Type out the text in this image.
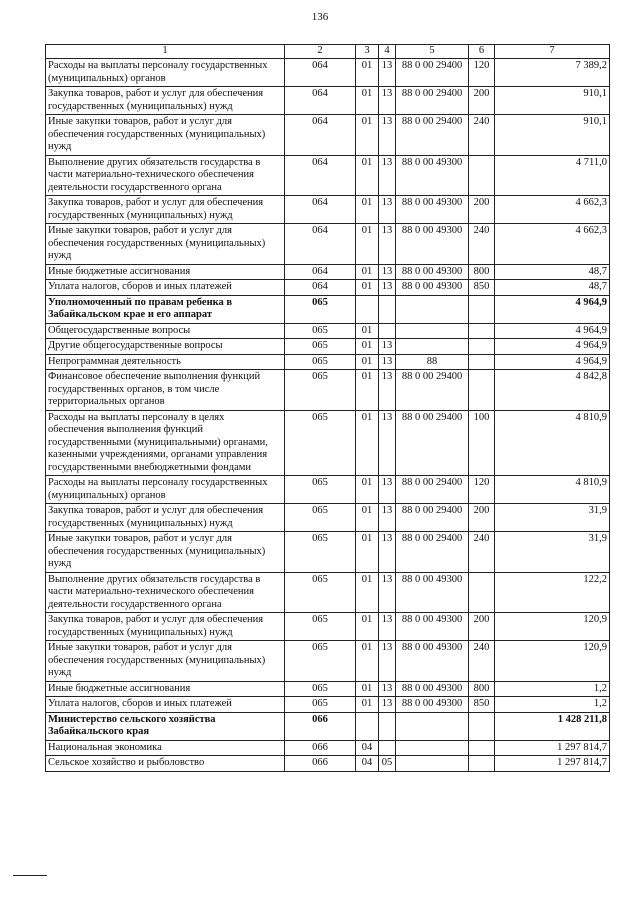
136
1	2	3	4	5	6	7
Расходы на выплаты персоналу государственных (муниципальных) органов	064	01	13	88 0 00 29400	120	7 389,2
Закупка товаров, работ и услуг для обеспечения государственных (муниципальных) нужд	064	01	13	88 0 00 29400	200	910,1
Иные закупки товаров, работ и услуг для обеспечения государственных (муниципальных) нужд	064	01	13	88 0 00 29400	240	910,1
Выполнение других обязательств государства в части материально-технического обеспечения деятельности государственного органа	064	01	13	88 0 00 49300		4 711,0
Закупка товаров, работ и услуг для обеспечения государственных (муниципальных) нужд	064	01	13	88 0 00 49300	200	4 662,3
Иные закупки товаров, работ и услуг для обеспечения государственных (муниципальных) нужд	064	01	13	88 0 00 49300	240	4 662,3
Иные бюджетные ассигнования	064	01	13	88 0 00 49300	800	48,7
Уплата налогов, сборов и иных платежей	064	01	13	88 0 00 49300	850	48,7
Уполномоченный по правам ребенка в Забайкальском крае и его аппарат	065					4 964,9
Общегосударственные вопросы	065	01				4 964,9
Другие общегосударственные вопросы	065	01	13			4 964,9
Непрограммная деятельность	065	01	13	88		4 964,9
Финансовое обеспечение выполнения функций государственных органов, в том числе территориальных органов	065	01	13	88 0 00 29400		4 842,8
Расходы на выплаты персоналу в целях обеспечения выполнения функций государственными (муниципальными) органами, казенными учреждениями, органами управления государственными внебюджетными фондами	065	01	13	88 0 00 29400	100	4 810,9
Расходы на выплаты персоналу государственных (муниципальных) органов	065	01	13	88 0 00 29400	120	4 810,9
Закупка товаров, работ и услуг для обеспечения государственных (муниципальных) нужд	065	01	13	88 0 00 29400	200	31,9
Иные закупки товаров, работ и услуг для обеспечения государственных (муниципальных) нужд	065	01	13	88 0 00 29400	240	31,9
Выполнение других обязательств государства в части материально-технического обеспечения деятельности государственного органа	065	01	13	88 0 00 49300		122,2
Закупка товаров, работ и услуг для обеспечения государственных (муниципальных) нужд	065	01	13	88 0 00 49300	200	120,9
Иные закупки товаров, работ и услуг для обеспечения государственных (муниципальных) нужд	065	01	13	88 0 00 49300	240	120,9
Иные бюджетные ассигнования	065	01	13	88 0 00 49300	800	1,2
Уплата налогов, сборов и иных платежей	065	01	13	88 0 00 49300	850	1,2
Министерство сельского хозяйства Забайкальского края	066					1 428 211,8
Национальная экономика	066	04				1 297 814,7
Сельское хозяйство и рыболовство	066	04	05			1 297 814,7
